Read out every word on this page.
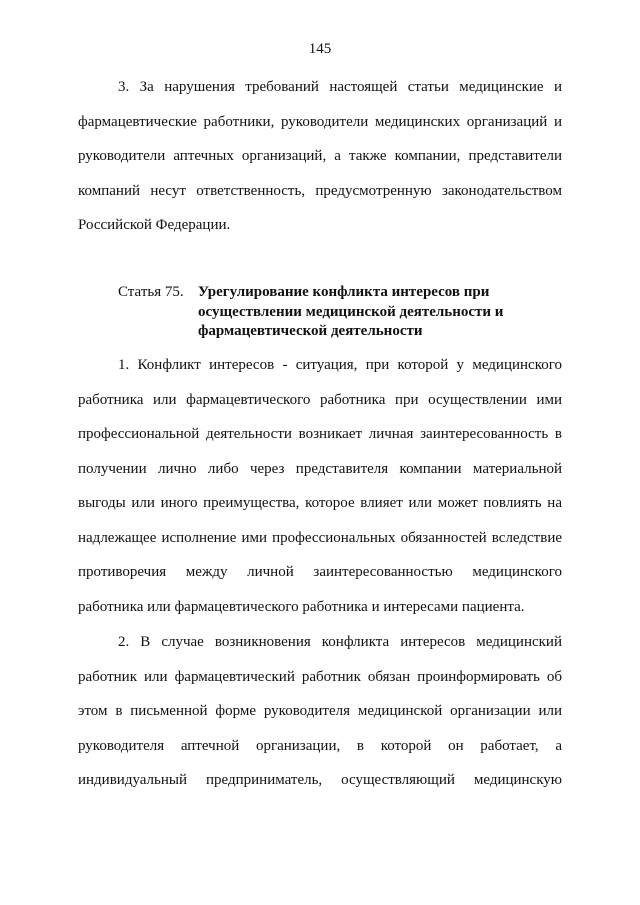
145
3. За нарушения требований настоящей статьи медицинские и
фармацевтические работники, руководители медицинских организаций и
руководители аптечных организаций, а также компании, представители
компаний несут ответственность, предусмотренную законодательством
Российской Федерации.
Статья 75. Урегулирование конфликта интересов при
осуществлении медицинской деятельности и
фармацевтической деятельности
1. Конфликт интересов - ситуация, при которой у медицинского
работника или фармацевтического работника при осуществлении ими
профессиональной деятельности возникает личная заинтересованность в
получении лично либо через представителя компании материальной
выгоды или иного преимущества, которое влияет или может повлиять на
надлежащее исполнение ими профессиональных обязанностей вследствие
противоречия между личной заинтересованностью медицинского
работника или фармацевтического работника и интересами пациента.
2. В случае возникновения конфликта интересов медицинский
работник или фармацевтический работник обязан проинформировать об
этом в письменной форме руководителя медицинской организации или
руководителя аптечной организации, в которой он работает, а
индивидуальный предприниматель, осуществляющий медицинскую
